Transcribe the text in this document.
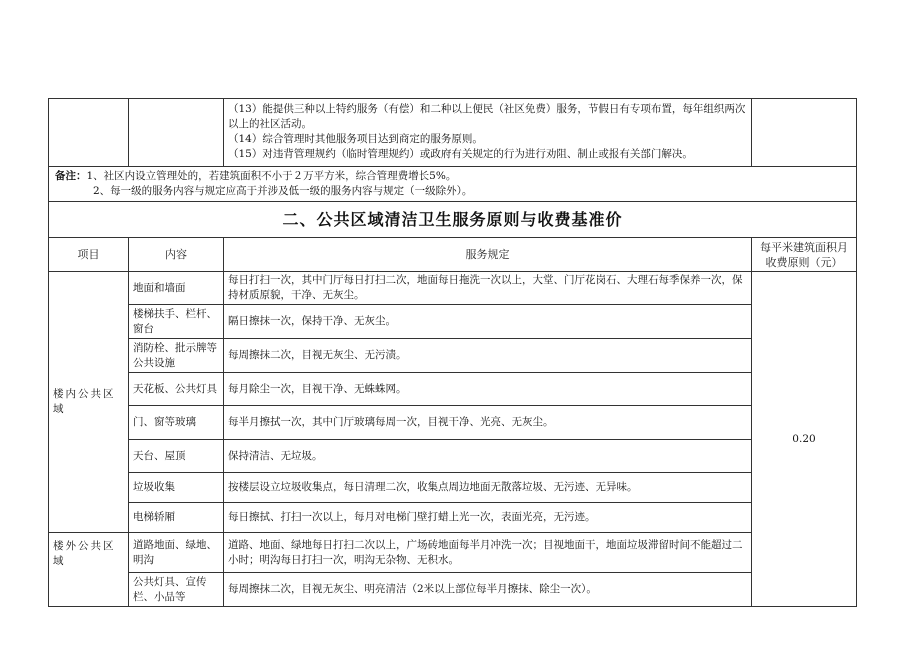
		（13）能提供三种以上特约服务（有偿）和二种以上便民（社区免费）服务，节假日有专项布置，每年组织两次以上的社区活动。

（14）综合管理时其他服务项目达到商定的服务原则。

（15）对违背管理规约（临时管理规约）或政府有关规定的行为进行劝阻、制止或报有关部门解决。	

备注：1、社区内设立管理处的，若建筑面积不小于２万平方米，综合管理费增长5%。

2、每一级的服务内容与规定应高于并涉及低一级的服务内容与规定（一级除外）。			

二、公共区域清洁卫生服务原则与收费基准价			
项目	内容	服务规定	每平米建筑面积月收费原则（元）
楼内公共区域	地面和墙面	每日打扫一次，其中门厅每日打扫二次，地面每日拖洗一次以上，大堂、门厅花岗石、大理石每季保养一次，保持材质原貌，干净、无灰尘。	0.20
	楼梯扶手、栏杆、窗台	隔日擦抹一次，保持干净、无灰尘。	
	消防栓、批示牌等公共设施	每周擦抹二次，目视无灰尘、无污渍。	
	天花板、公共灯具	每月除尘一次，目视干净、无蛛蛛网。	
	门、窗等玻璃	每半月擦拭一次，其中门厅玻璃每周一次，目视干净、光亮、无灰尘。	
	天台、屋顶	保持清洁、无垃圾。	
	垃圾收集	按楼层设立垃圾收集点，每日清理二次，收集点周边地面无散落垃圾、无污迹、无异味。	
	电梯轿厢	每日擦拭、打扫一次以上，每月对电梯门壁打蜡上光一次，表面光亮，无污迹。	
楼外公共区域	道路地面、绿地、明沟	道路、地面、绿地每日打扫二次以上，广场砖地面每半月冲洗一次；目视地面干，地面垃圾滞留时间不能超过二小时；明沟每日打扫一次，明沟无杂物、无积水。	
	公共灯具、宣传栏、小品等	每周擦抹二次，目视无灰尘、明亮清洁（2米以上部位每半月擦抹、除尘一次）。	
